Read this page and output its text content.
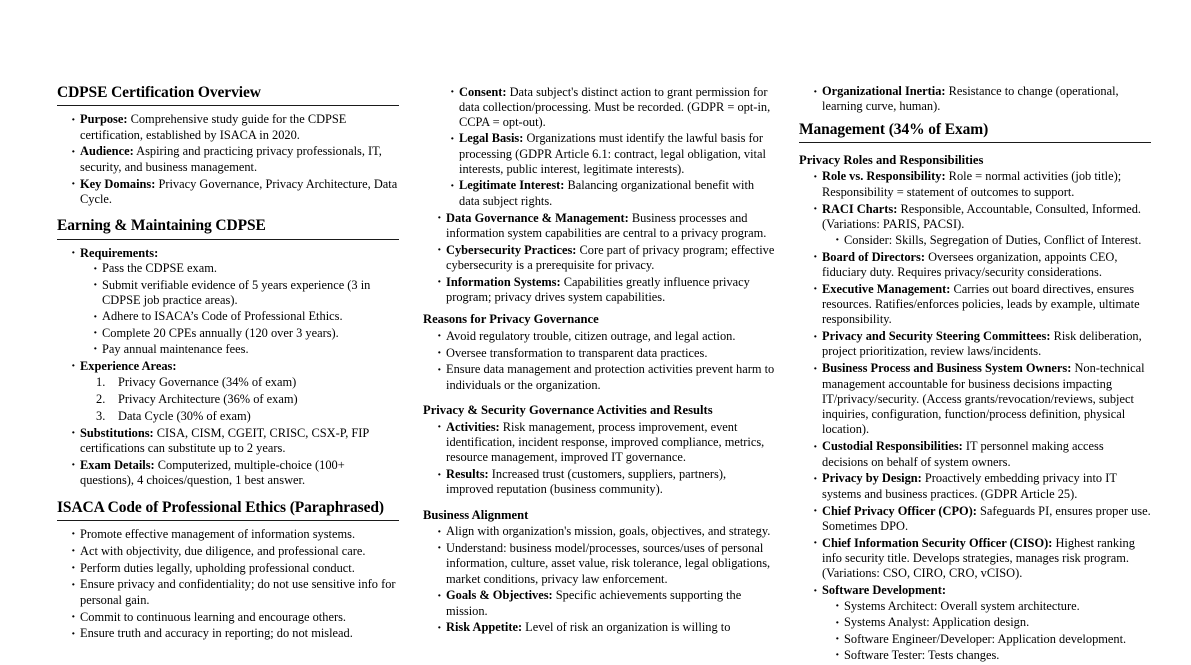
CDPSE Certification Overview
· Purpose: Comprehensive study guide for the CDPSE certification, established by ISACA in 2020.
· Audience: Aspiring and practicing privacy professionals, IT, security, and business management.
· Key Domains: Privacy Governance, Privacy Architecture, Data Cycle.
Earning & Maintaining CDPSE
· Requirements:
· Pass the CDPSE exam.
· Submit verifiable evidence of 5 years experience (3 in CDPSE job practice areas).
· Adhere to ISACA’s Code of Professional Ethics.
· Complete 20 CPEs annually (120 over 3 years).
· Pay annual maintenance fees.
· Experience Areas:
Privacy Governance (34% of exam)
Privacy Architecture (36% of exam)
Data Cycle (30% of exam)
· Substitutions: CISA, CISM, CGEIT, CRISC, CSX-P, FIP certifications can substitute up to 2 years.
· Exam Details: Computerized, multiple-choice (100+ questions), 4 choices/question, 1 best answer.
ISACA Code of Professional Ethics (Paraphrased)
· Promote effective management of information systems.
· Act with objectivity, due diligence, and professional care.
· Perform duties legally, upholding professional conduct.
· Ensure privacy and confidentiality; do not use sensitive info for personal gain.
· Commit to continuous learning and encourage others.
· Ensure truth and accuracy in reporting; do not mislead.
· Consent: Data subject's distinct action to grant permission for data collection/processing. Must be recorded. (GDPR = opt-in, CCPA = opt-out).
· Legal Basis: Organizations must identify the lawful basis for processing (GDPR Article 6.1: contract, legal obligation, vital interests, public interest, legitimate interests).
· Legitimate Interest: Balancing organizational benefit with data subject rights.
· Data Governance & Management: Business processes and information system capabilities are central to a privacy program.
· Cybersecurity Practices: Core part of privacy program; effective cybersecurity is a prerequisite for privacy.
· Information Systems: Capabilities greatly influence privacy program; privacy drives system capabilities.
Reasons for Privacy Governance
· Avoid regulatory trouble, citizen outrage, and legal action.
· Oversee transformation to transparent data practices.
· Ensure data management and protection activities prevent harm to individuals or the organization.
Privacy & Security Governance Activities and Results
· Activities: Risk management, process improvement, event identification, incident response, improved compliance, metrics, resource management, improved IT governance.
· Results: Increased trust (customers, suppliers, partners), improved reputation (business community).
Business Alignment
· Align with organization's mission, goals, objectives, and strategy.
· Understand: business model/processes, sources/uses of personal information, culture, asset value, risk tolerance, legal obligations, market conditions, privacy law enforcement.
· Goals & Objectives: Specific achievements supporting the mission.
· Risk Appetite: Level of risk an organization is willing to
· Organizational Inertia: Resistance to change (operational, learning curve, human).
Management (34% of Exam)
Privacy Roles and Responsibilities
· Role vs. Responsibility: Role = normal activities (job title); Responsibility = statement of outcomes to support.
· RACI Charts: Responsible, Accountable, Consulted, Informed. (Variations: PARIS, PACSI).
· Consider: Skills, Segregation of Duties, Conflict of Interest.
· Board of Directors: Oversees organization, appoints CEO, fiduciary duty. Requires privacy/security considerations.
· Executive Management: Carries out board directives, ensures resources. Ratifies/enforces policies, leads by example, ultimate responsibility.
· Privacy and Security Steering Committees: Risk deliberation, project prioritization, review laws/incidents.
· Business Process and Business System Owners: Non-technical management accountable for business decisions impacting IT/privacy/security. (Access grants/revocation/reviews, subject inquiries, configuration, function/process definition, physical location).
· Custodial Responsibilities: IT personnel making access decisions on behalf of system owners.
· Privacy by Design: Proactively embedding privacy into IT systems and business practices. (GDPR Article 25).
· Chief Privacy Officer (CPO): Safeguards PI, ensures proper use. Sometimes DPO.
· Chief Information Security Officer (CISO): Highest ranking info security title. Develops strategies, manages risk program. (Variations: CSO, CIRO, CRO, vCISO).
· Software Development:
· Systems Architect: Overall system architecture.
· Systems Analyst: Application design.
· Software Engineer/Developer: Application development.
· Software Tester: Tests changes.
